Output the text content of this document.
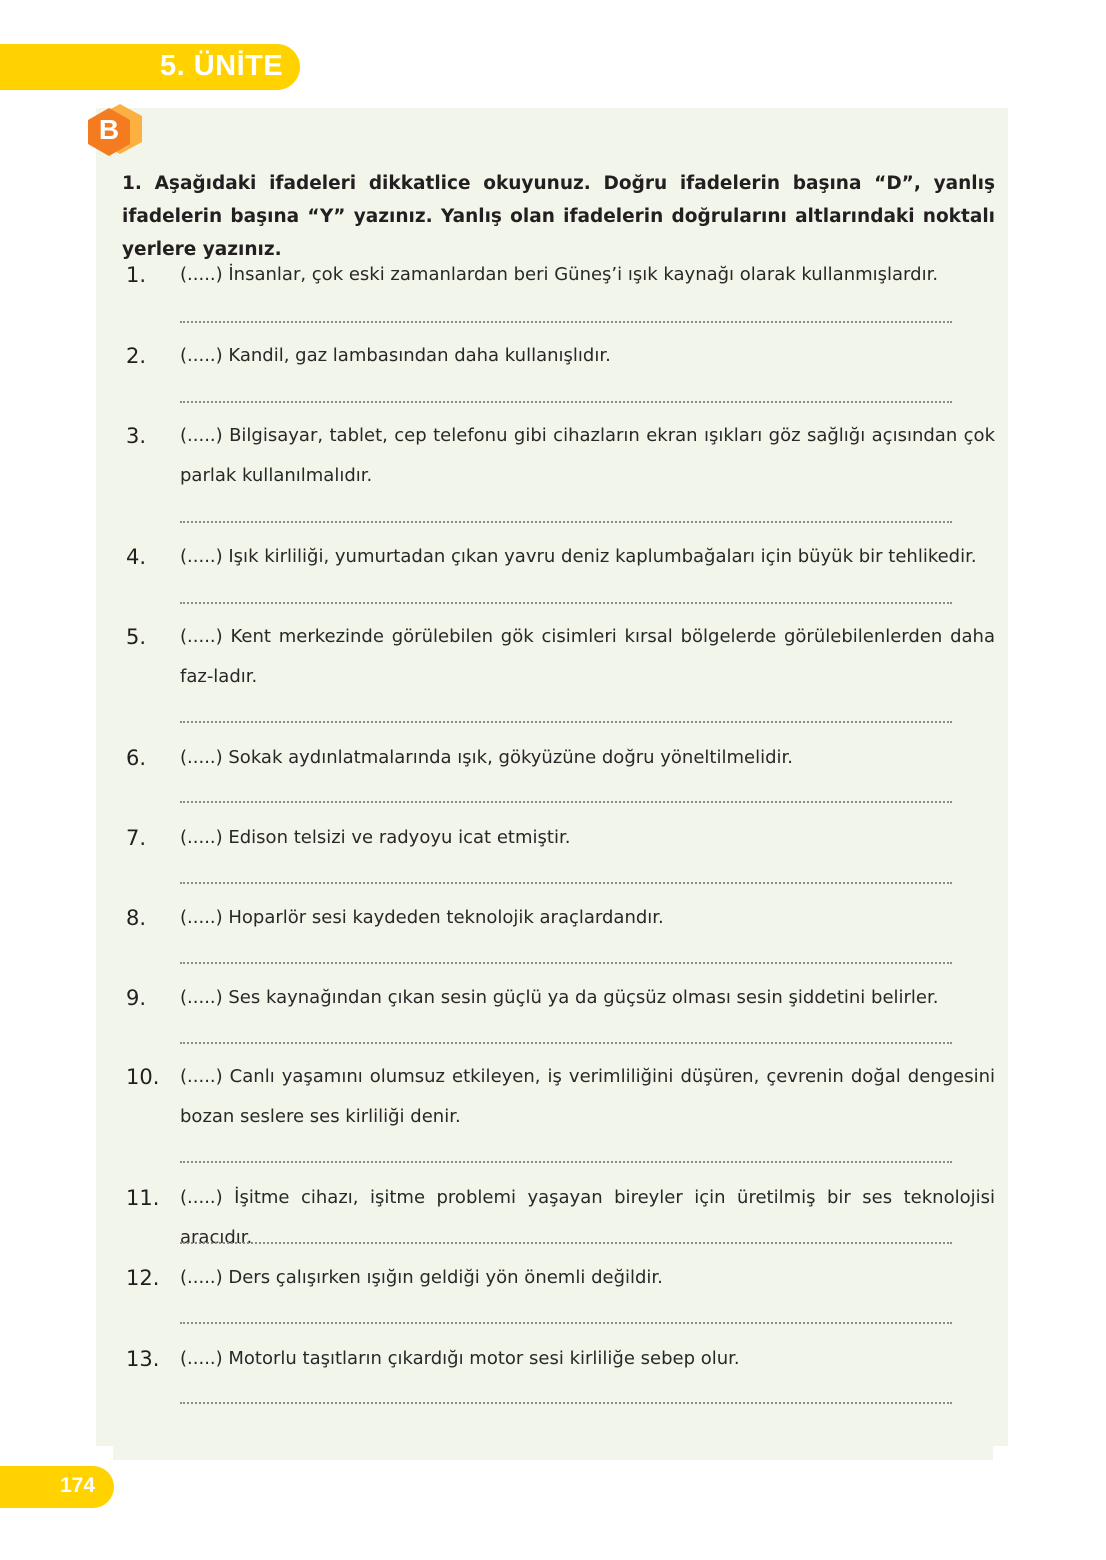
5. ÜNİTE
B

1. Aşağıdaki ifadeleri dikkatlice okuyunuz. Doğru ifadelerin başına “D”, yanlış ifadelerin başına “Y” yazınız. Yanlış olan ifadelerin doğrularını altlarındaki noktalı yerlere yazınız.

1. (.....) İnsanlar, çok eski zamanlardan beri Güneş’i ışık kaynağı olarak kullanmışlardır.

2. (.....) Kandil, gaz lambasından daha kullanışlıdır.

3. (.....) Bilgisayar, tablet, cep telefonu gibi cihazların ekran ışıkları göz sağlığı açısından çok parlak kullanılmalıdır.

4. (.....) Işık kirliliği, yumurtadan çıkan yavru deniz kaplumbağaları için büyük bir tehlikedir.

5. (.....) Kent merkezinde görülebilen gök cisimleri kırsal bölgelerde görülebilenlerden daha faz-ladır.

6. (.....) Sokak aydınlatmalarında ışık, gökyüzüne doğru yöneltilmelidir.

7. (.....) Edison telsizi ve radyoyu icat etmiştir.

8. (.....) Hoparlör sesi kaydeden teknolojik araçlardandır.

9. (.....) Ses kaynağından çıkan sesin güçlü ya da güçsüz olması sesin şiddetini belirler.

10. (.....) Canlı yaşamını olumsuz etkileyen, iş verimliliğini düşüren, çevrenin doğal dengesini bozan seslere ses kirliliği denir.

11. (.....) İşitme cihazı, işitme problemi yaşayan bireyler için üretilmiş bir ses teknolojisi aracıdır.

12. (.....) Ders çalışırken ışığın geldiği yön önemli değildir.

13. (.....) Motorlu taşıtların çıkardığı motor sesi kirliliğe sebep olur.

174
